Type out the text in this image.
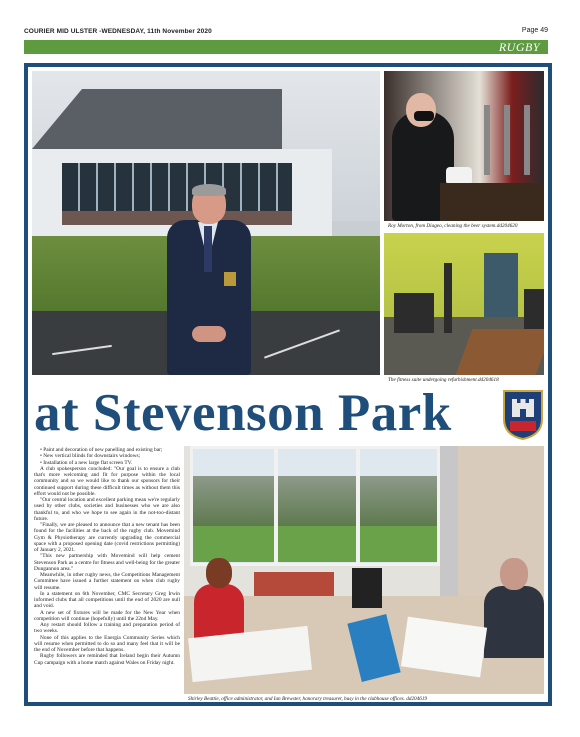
COURIER MID ULSTER -WEDNESDAY, 11th November 2020	Page 49
RUGBY
Roy Morton, from Diageo, cleaning the beer system.dd204620
The fitness suite undergoing refurbishment.dd204618
at Stevenson Park

• Paint and decoration of new panelling and existing bar;

• New vertical blinds for downstairs windows;

• Installation of a new large flat screen TV.

A club spokesperson concluded: "Our goal is to ensure a club that's more welcoming and fit for purpose within the local community and so we would like to thank our sponsors for their continued support during these difficult times as without them this effort would not be possible.

"Our central location and excellent parking mean we're regularly used by other clubs, societies and businesses who we are also thankful to, and who we hope to see again in the not-too-distant future.

"Finally, we are pleased to announce that a new tenant has been found for the facilities at the back of the rugby club. Movemind Gym & Physiotherapy are currently upgrading the commercial space with a proposed opening date (covid restrictions permitting) of January 2, 2021.

"This new partnership with Movemind will help cement Stevenson Park as a centre for fitness and well-being for the greater Dungannon area."

Meanwhile, in other rugby news, the Competitions Management Committee have issued a further statement on when club rugby will resume.

In a statement on 6th November, CMC Secretary Greg Irwin informed clubs that all competitions until the end of 2020 are null and void.

A new set of fixtures will be made for the New Year when competition will continue (hopefully) until the 22nd May.

Any restart should follow a training and preparation period of two weeks.

None of this applies to the Energia Community Series which will resume when permitted to do so and many feel that it will be the end of November before that happens.

Rugby followers are reminded that Ireland begin their Autumn Cup campaign with a home match against Wales on Friday night.

Shirley Beattie, office administrator, and Ian Brewster, honorary treasurer, busy in the clubhouse offices. dd204619
